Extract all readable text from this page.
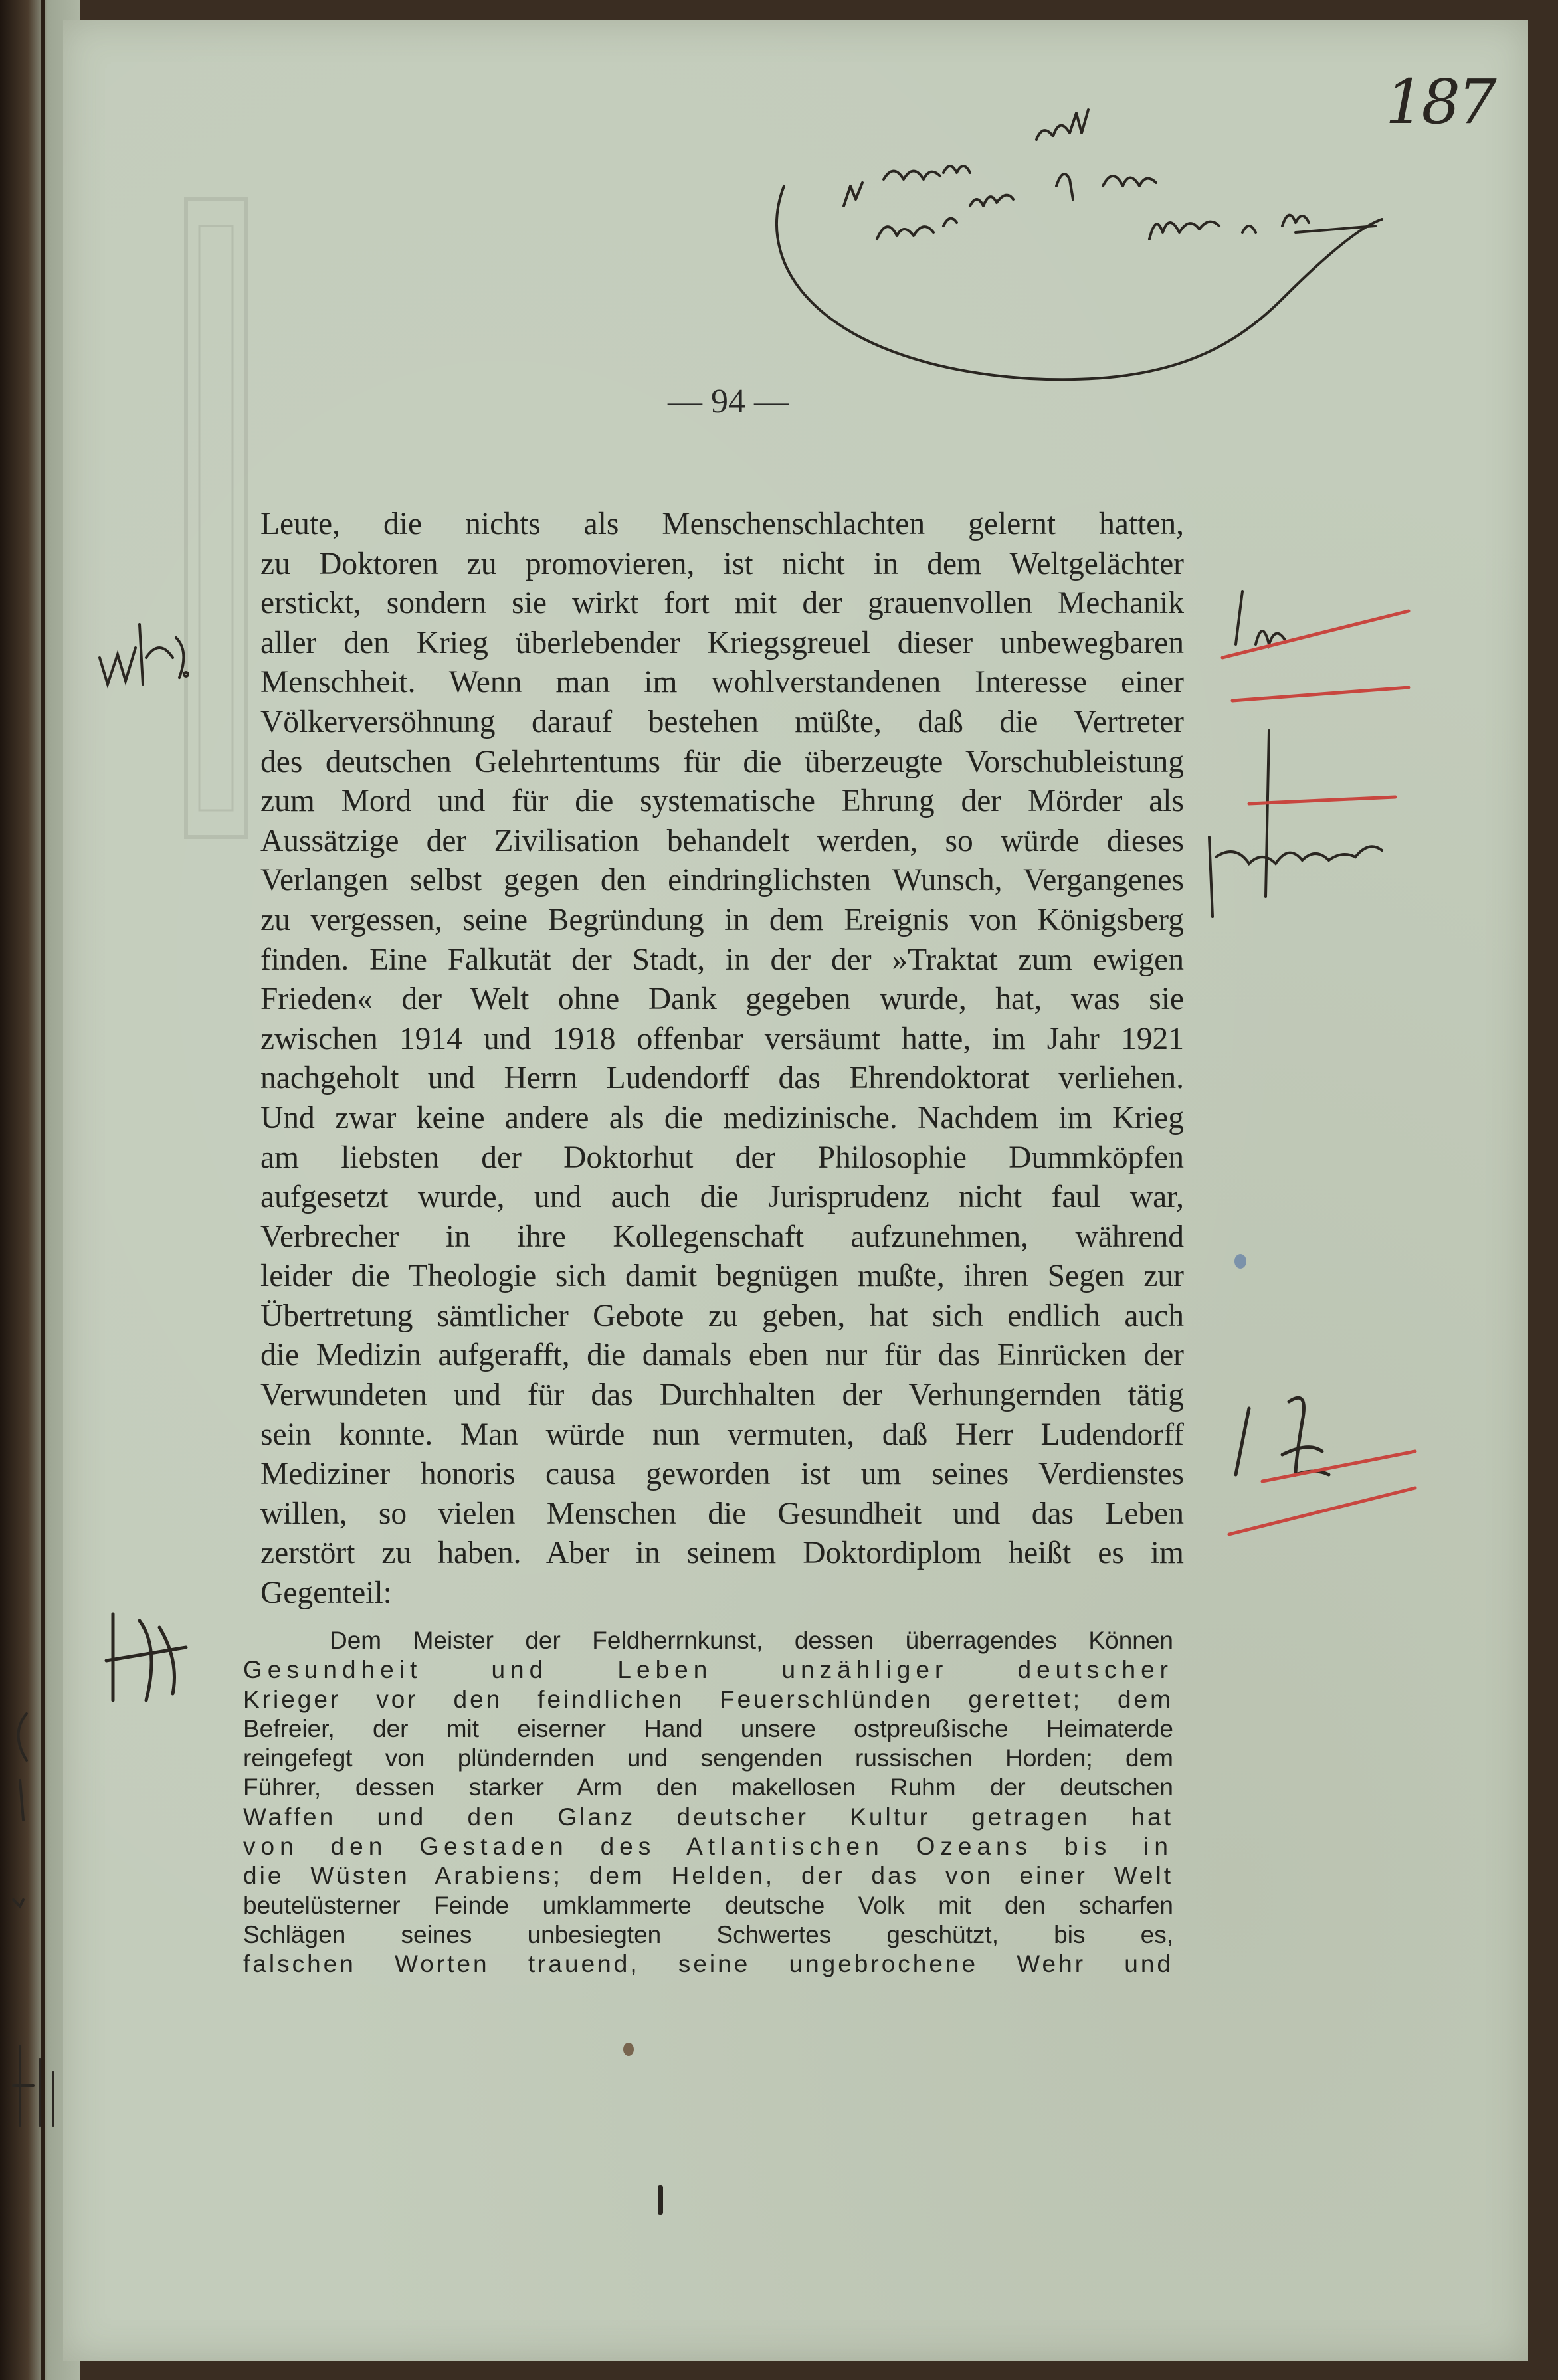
187
— 94 —
Leute, die nichts als Menschenschlachten gelernt hatten,
zu Doktoren zu promovieren, ist nicht in dem Weltgelächter
erstickt, sondern sie wirkt fort mit der grauenvollen Mechanik
aller den Krieg überlebender Kriegsgreuel dieser unbewegbaren
Menschheit. Wenn man im wohlverstandenen Interesse einer
Völkerversöhnung darauf bestehen müßte, daß die Vertreter
des deutschen Gelehrtentums für die überzeugte Vorschubleistung
zum Mord und für die systematische Ehrung der Mörder als
Aussätzige der Zivilisation behandelt werden, so würde dieses
Verlangen selbst gegen den eindringlichsten Wunsch, Vergangenes
zu vergessen, seine Begründung in dem Ereignis von Königsberg
finden. Eine Falkutät der Stadt, in der der »Traktat zum ewigen
Frieden« der Welt ohne Dank gegeben wurde, hat, was sie
zwischen 1914 und 1918 offenbar versäumt hatte, im Jahr 1921
nachgeholt und Herrn Ludendorff das Ehrendoktorat verliehen.
Und zwar keine andere als die medizinische. Nachdem im Krieg
am liebsten der Doktorhut der Philosophie Dummköpfen
aufgesetzt wurde, und auch die Jurisprudenz nicht faul war,
Verbrecher in ihre Kollegenschaft aufzunehmen, während
leider die Theologie sich damit begnügen mußte, ihren Segen zur
Übertretung sämtlicher Gebote zu geben, hat sich endlich auch
die Medizin aufgerafft, die damals eben nur für das Einrücken der
Verwundeten und für das Durchhalten der Verhungernden tätig
sein konnte. Man würde nun vermuten, daß Herr Ludendorff
Mediziner honoris causa geworden ist um seines Verdienstes
willen, so vielen Menschen die Gesundheit und das Leben
zerstört zu haben. Aber in seinem Doktordiplom heißt es im
Gegenteil:
Dem Meister der Feldherrnkunst, dessen überragendes Können
Gesundheit und Leben unzähliger deutscher
Krieger vor den feindlichen Feuerschlünden gerettet; dem
Befreier, der mit eiserner Hand unsere ostpreußische Heimaterde
reingefegt von plündernden und sengenden russischen Horden; dem
Führer, dessen starker Arm den makellosen Ruhm der deutschen
Waffen und den Glanz deutscher Kultur getragen hat
von den Gestaden des Atlantischen Ozeans bis in
die Wüsten Arabiens; dem Helden, der das von einer Welt
beutelüsterner Feinde umklammerte deutsche Volk mit den scharfen
Schlägen seines unbesiegten Schwertes geschützt, bis es,
falschen Worten trauend, seine ungebrochene Wehr und
